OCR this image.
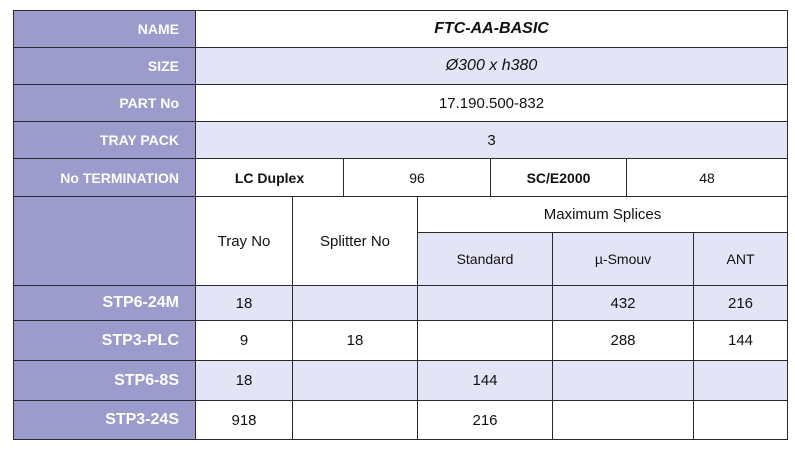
NAME	FTC-AA-BASIC							
SIZE	Ø300 x h380							
PART No	17.190.500-832							
TRAY PACK	3							
No TERMINATION	LC Duplex		96		SC/E2000		48	
	Tray No	Splitter No		Maximum Splices				
				Standard		µ-Smouv		ANT
STP6-24M	18					432		216
STP3-PLC	9	18				288		144
STP6-8S	18			144				
STP3-24S	918			216				
